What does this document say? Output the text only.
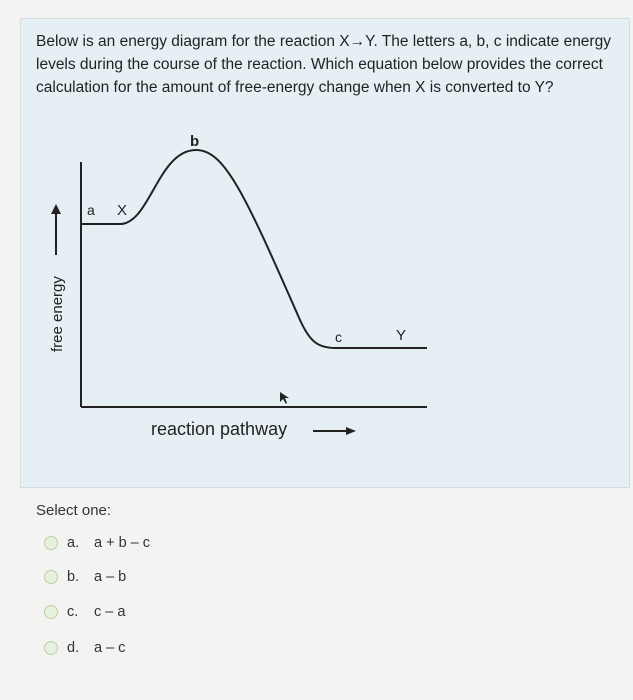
Below is an energy diagram for the reaction X→Y. The letters a, b, c indicate energy levels during the course of the reaction. Which equation below provides the correct calculation for the amount of free-energy change when X is converted to Y?
free energy
reaction pathway
a X
b
c	Y
Select one:
a.	a + b – c
b.	a – b
c.	c – a
d.	a – c
